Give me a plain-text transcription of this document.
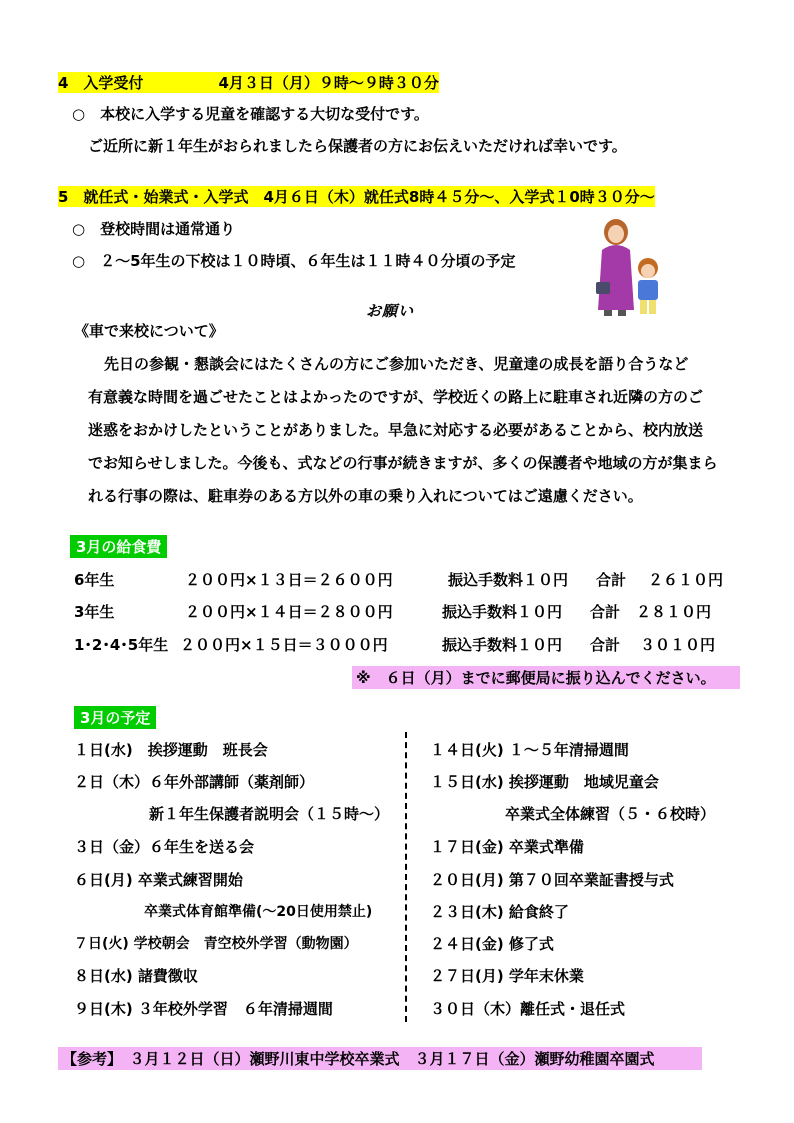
4　入学受付　　　　　4月３日（月）９時～９時３０分
○　本校に入学する児童を確認する大切な受付です。
ご近所に新１年生がおられましたら保護者の方にお伝えいただければ幸いです。
5　就任式・始業式・入学式　4月６日（木）就任式8時４５分～、入学式１0時３０分～
○　登校時間は通常通り
○　２～5年生の下校は１０時頃、６年生は１１時４０分頃の予定
お願い
《車で来校について》
先日の参観・懇談会にはたくさんの方にご参加いただき、児童達の成長を語り合うなど
有意義な時間を過ごせたことはよかったのですが、学校近くの路上に駐車され近隣の方のご
迷惑をおかけしたということがありました。早急に対応する必要があることから、校内放送
でお知らせしました。今後も、式などの行事が続きますが、多くの保護者や地域の方が集まら
れる行事の際は、駐車券のある方以外の車の乗り入れについてはご遠慮ください。
3月の給食費
6年生	２００円×１３日＝２６００円	振込手数料１０円 合計 ２６１０円
3年生	２００円×１４日＝２８００円	振込手数料１０円 合計 ２８１０円
1･2･4･5年生 ２００円×１５日＝３０００円	振込手数料１０円 合計 ３０１０円
※　６日（月）までに郵便局に振り込んでください。
3月の予定
１日(水)　挨拶運動　班長会
２日（木）６年外部講師（薬剤師）
　　　　　新１年生保護者説明会（１５時～）
３日（金）６年生を送る会
６日(月) 卒業式練習開始
　　　　　卒業式体育館準備(～20日使用禁止)
７日(火) 学校朝会　青空校外学習（動物園）
８日(水) 諸費徴収
９日(木) ３年校外学習　６年清掃週間
１４日(火) １～５年清掃週間
１５日(水) 挨拶運動　地域児童会
　　　　　卒業式全体練習（５・６校時）
１７日(金) 卒業式準備
２０日(月) 第７０回卒業証書授与式
２３日(木) 給食終了
２４日(金) 修了式
２７日(月) 学年末休業
３０日（木）離任式・退任式
【参考】　３月１２日（日）瀬野川東中学校卒業式　３月１７日（金）瀬野幼稚園卒園式
